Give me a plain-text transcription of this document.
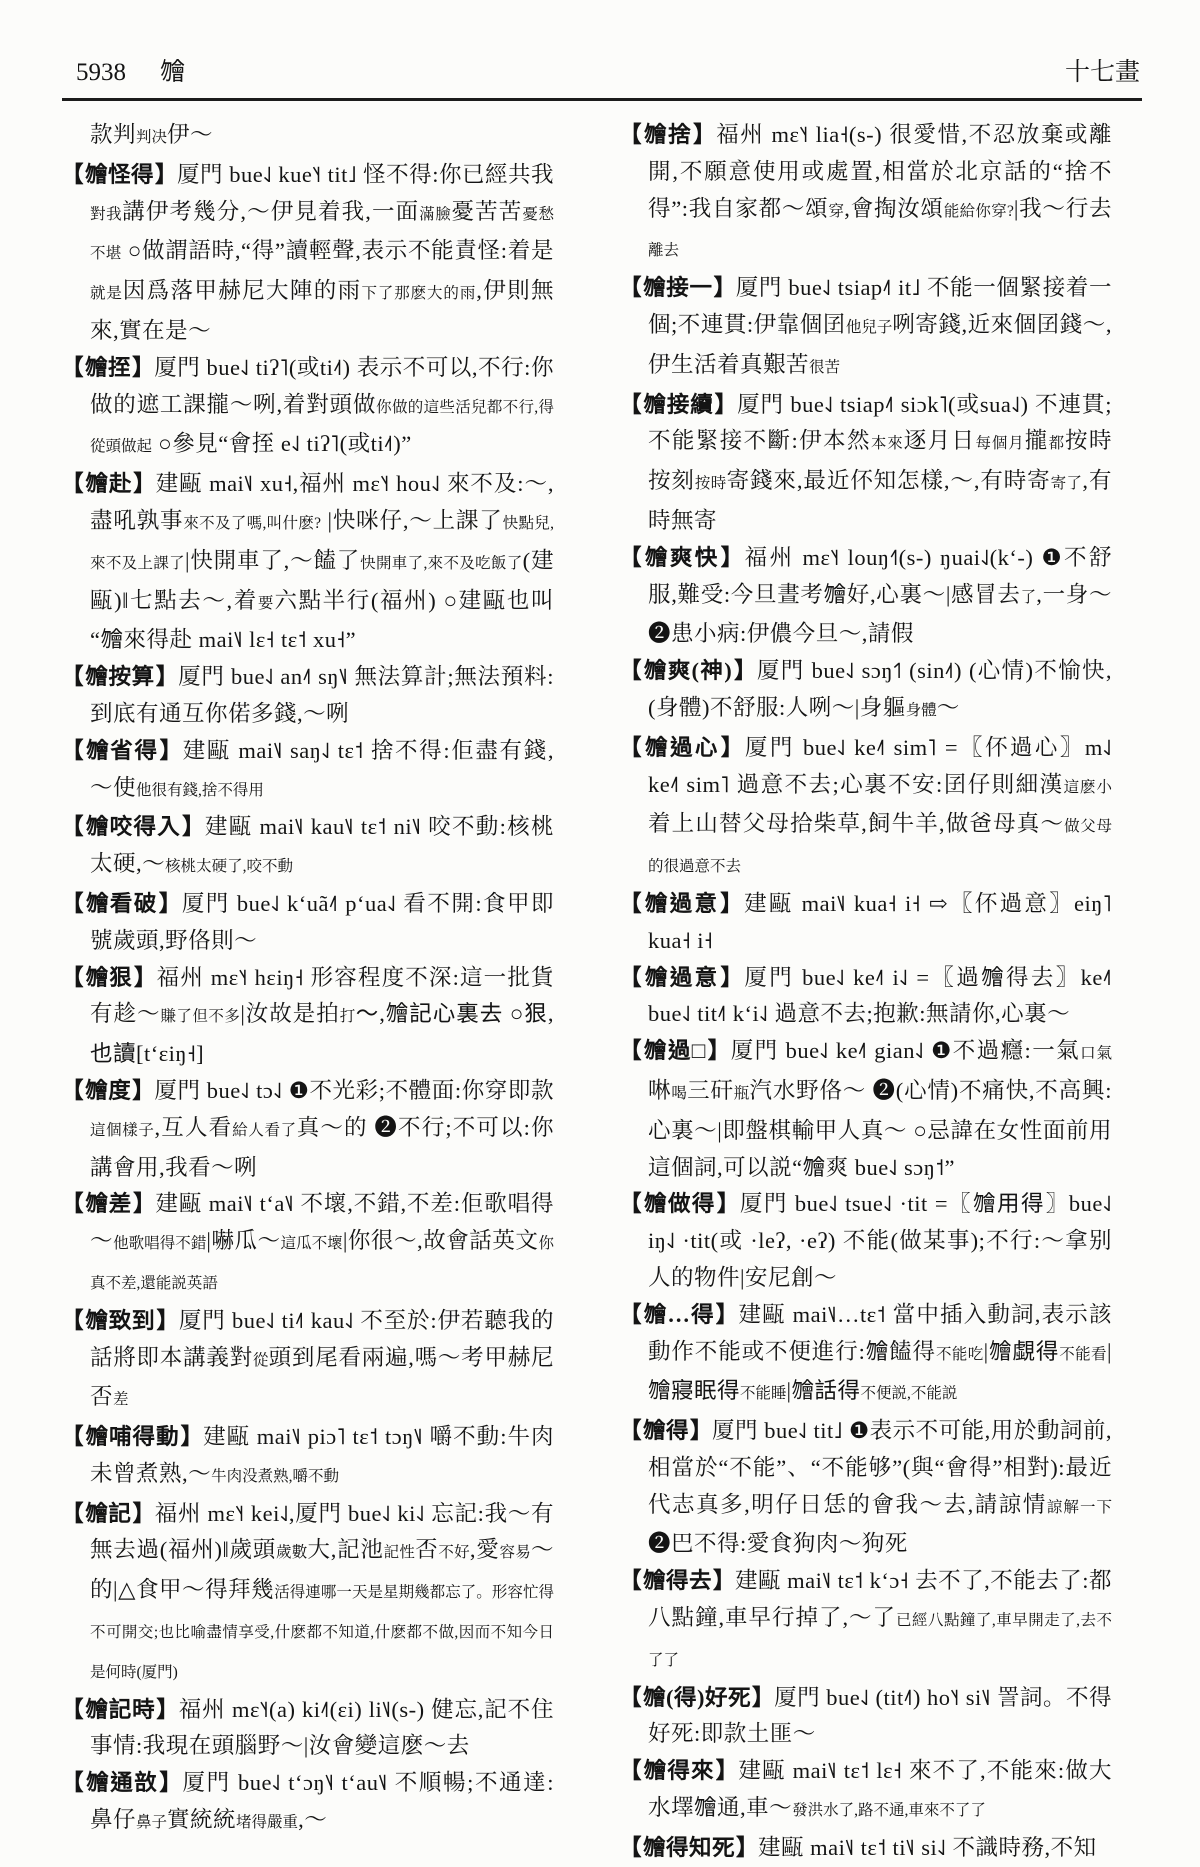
5938 𣍐	十七畫
款判判决伊～
【𣍐怪得】厦門 bue˨˩ kue˥˧ tit˩ 怪不得:你已經共我對我講伊考幾分,～伊見着我,一面滿臉憂苦苦憂愁不堪 ○做謂語時,“得”讀輕聲,表示不能責怪:着是就是因爲落甲赫尼大陣的雨下了那麽大的雨,伊則無來,實在是～
【𣍐挃】厦門 bue˨˩ tiʔ˥(或ti˨˦) 表示不可以,不行:你做的遮工課攏～咧,着對頭做你做的這些活兒都不行,得從頭做起 ○參見“會挃 e˨˩ tiʔ˥(或ti˨˦)”
【𣍐赴】建甌 mai˥˩ xu˧,福州 mɛ˥˧ hou˨˩ 來不及:～,盡吼孰事來不及了嗎,叫什麽? |快咪仔,～上課了快點兒,來不及上課了|快開車了,～饁了快開車了,來不及吃飯了(建甌)‖七點去～,着要六點半行(福州) ○建甌也叫“𣍐來得赴 mai˥˩ lɛ˧ tɛ˦ xu˧”
【𣍐按算】厦門 bue˨˩ an˨˥ sŋ˥˩ 無法算計;無法預料:到底有通互你偌多錢,～咧
【𣍐省得】建甌 mai˥˩ saŋ˨˩ tɛ˦ 捨不得:佢盡有錢,～使他很有錢,捨不得用
【𣍐咬得入】建甌 mai˥˩ kau˥˩ tɛ˦ ni˥˩ 咬不動:核桃太硬,～核桃太硬了,咬不動
【𣍐看破】厦門 bue˨˩ kʻuã˨˥ pʻua˨˩ 看不開:食甲即號歲頭,野佫則～
【𣍐狠】福州 mɛ˥˧ hɛiŋ˧ 形容程度不深:這一批貨有趁～賺了但不多|汝故是拍打～,𣍐記心裏去 ○狠,也讀[tʻɛiŋ˧]
【𣍐度】厦門 bue˨˩ tɔ˨˩ ❶不光彩;不體面:你穿即款這個樣子,互人看給人看了真～的 ❷不行;不可以:你講會用,我看～咧
【𣍐差】建甌 mai˥˩ tʻa˥˩ 不壞,不錯,不差:佢歌唱得～他歌唱得不錯|嚇瓜～這瓜不壞|你很～,故會話英文你真不差,還能説英語
【𣍐致到】厦門 bue˨˩ ti˨˥ kau˨˩ 不至於:伊若聽我的話將即本講義對從頭到尾看兩遍,嗎～考甲赫尼否差
【𣍐哺得動】建甌 mai˥˩ piɔ˥ tɛ˦ tɔŋ˥˩ 嚼不動:牛肉未曾煮熟,～牛肉没煮熟,嚼不動
【𣍐記】福州 mɛ˥˧ kei˨˩,厦門 bue˨˩ ki˨˩ 忘記:我～有無去過(福州)‖歲頭歲數大,記池記性否不好,愛容易～的|△食甲～得拜幾活得連哪一天是星期幾都忘了。形容忙得不可開交;也比喻盡情享受,什麽都不知道,什麽都不做,因而不知今日是何時(厦門)
【𣍐記時】福州 mɛ˥˧(a) ki˨˥(ɛi) li˥˩(s-) 健忘,記不住事情:我現在頭腦野～|汝會變這麽～去
【𣍐通敨】厦門 bue˨˩ tʻɔŋ˥˨ tʻau˥˩ 不順暢;不通達:鼻仔鼻子實統統堵得嚴重,～
【𣍐捨】福州 mɛ˥˧ lia˧(s-) 很愛惜,不忍放棄或離開,不願意使用或處置,相當於北京話的“捨不得”:我自家都～頌穿,會掏汝頌能給你穿?|我～行去離去
【𣍐接一】厦門 bue˨˩ tsiap˨˥ it˩ 不能一個緊接着一個;不連貫:伊靠個囝他兒子咧寄錢,近來個囝錢～,伊生活着真艱苦很苦
【𣍐接續】厦門 bue˨˩ tsiap˨˥ siɔk˥(或sua˨˩) 不連貫;不能緊接不斷:伊本然本來逐月日每個月攏都按時按刻按時寄錢來,最近伓知怎樣,～,有時寄寄了,有時無寄
【𣍐爽快】福州 mɛ˥˧ louŋ˧˥(s-) ŋuai˨˩(kʻ-) ❶不舒服,難受:今旦晝考𣍐好,心裏～|感冒去了,一身～ ❷患小病:伊儂今旦～,請假
【𣍐爽(神)】厦門 bue˨˩ sɔŋ˦˥ (sin˨˦) (心情)不愉快,(身體)不舒服:人咧～|身軀身體～
【𣍐過心】厦門 bue˨˩ ke˨˥ sim˥ =〖伓過心〗m˨˩ ke˨˥ sim˥ 過意不去;心裏不安:囝仔則細漢這麽小着上山替父母拾柴草,飼牛羊,做爸母真～做父母的很過意不去
【𣍐過意】建甌 mai˥˩ kua˧ i˧ ⇨〖伓過意〗eiŋ˥ kua˧ i˧
【𣍐過意】厦門 bue˨˩ ke˨˥ i˨˩ =〖過𣍐得去〗ke˨˥ bue˨˩ tit˨˥ kʻi˨˩ 過意不去;抱歉:無請你,心裏～
【𣍐過□】厦門 bue˨˩ ke˨˥ gian˨˩ ❶不過癮:一氣口氣啉喝三矸瓶汽水野佫～ ❷(心情)不痛快,不高興:心裏～|即盤棋輸甲人真～ ○忌諱在女性面前用這個詞,可以説“𣍐爽 bue˨˩ sɔŋ˦”
【𣍐做得】厦門 bue˨˩ tsue˨˩ ·tit =〖𣍐用得〗bue˨˩ iŋ˨˩ ·tit(或 ·leʔ, ·eʔ) 不能(做某事);不行:～拿别人的物件|安尼創～
【𣍐…得】建甌 mai˥˩…tɛ˦ 當中插入動詞,表示該動作不能或不便進行:𣍐饁得不能吃|𣍐覷得不能看|𣍐寢眠得不能睡|𣍐話得不便説,不能説
【𣍐得】厦門 bue˨˩ tit˩ ❶表示不可能,用於動詞前,相當於“不能”、“不能够”(與“會得”相對):最近代志真多,明仔日恁的會我～去,請諒情諒解一下 ❷巴不得:愛食狗肉～狗死
【𣍐得去】建甌 mai˥˩ tɛ˦ kʻɔ˧ 去不了,不能去了:都八點鐘,車早行掉了,～了已經八點鐘了,車早開走了,去不了了
【𣍐(得)好死】厦門 bue˨˩ (tit˨˥) ho˥˧ si˥˩ 詈詞。不得好死:即款土匪～
【𣍐得來】建甌 mai˥˩ tɛ˦ lɛ˧ 來不了,不能來:做大水墿𣍐通,車～發洪水了,路不通,車來不了了
【𣍐得知死】建甌 mai˥˩ tɛ˦ ti˥˩ si˨˩ 不識時務,不知
